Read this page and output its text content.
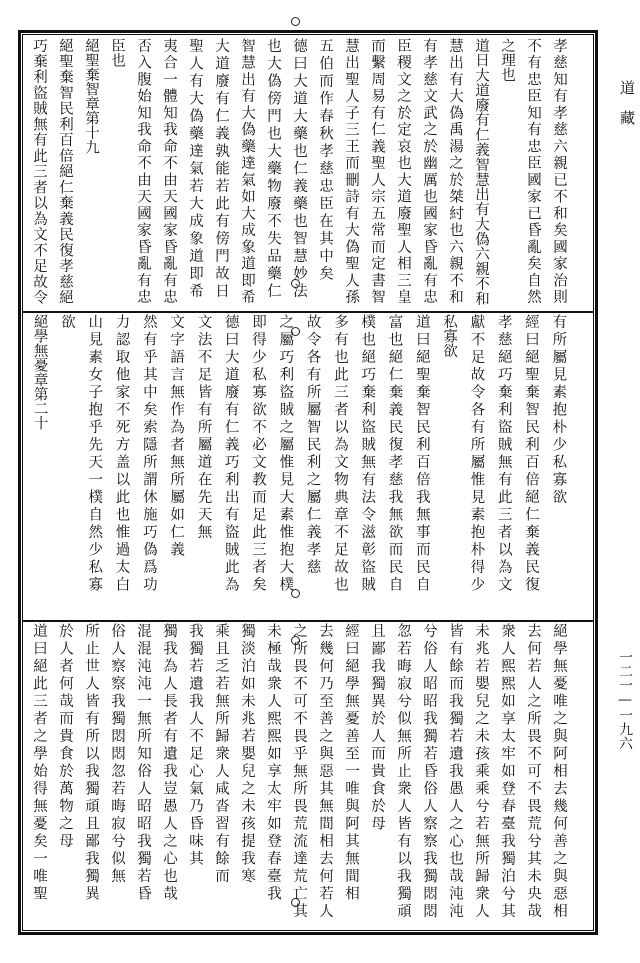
道　藏
一二一—一九六
孝慈知有孝慈六親已不和矣國家治則
不有忠臣知有忠臣國家已昏亂矣自然
之理也
道日大道廢有仁義智慧出有大偽六親不和
慧出有大偽禹湯之於桀紂也六親不和
有孝慈文武之於幽厲也國家昏亂有忠
臣稷文之於定哀也大道廢聖人相三皇
而繫周易有仁義聖人宗五常而定書智
慧出聖人子三王而刪詩有大偽聖人孫
五伯而作春秋孝慈忠臣在其中矣
德曰大道大藥也仁義藥也智慧妙法
也大偽傍門也大藥物廢不失品藥仁
智慧出有大偽藥達氣如大成象道即希
大道廢有仁義孰能若此有傍門故日
聖人有大偽藥達氣若大成象道即希
夷合一體知我命不由天國家昏亂有忠
否入腹始知我命不由天國家昏亂有忠
臣也
絕聖棄智章第十九
絕聖棄智民利百倍絕仁棄義民復孝慈絕
巧棄利盜賊無有此三者以為文不足故令
有所屬見素抱朴少私寡欲
經曰絕聖棄智民利百倍絕仁棄義民復
孝慈絕巧棄利盜賊無有此三者以為文
獻不足故令各有所屬惟見素抱朴得少
私寡欲
道曰絕聖棄智民利百倍我無事而民自
富也絕仁棄義民復孝慈我無欲而民自
樸也絕巧棄利盜賊無有法令滋彰盜賊
多有也此三者以為文物典章不足故也
故令各有所屬智民利之屬仁義孝慈
之屬巧利盜賊之屬惟見大素惟抱大樸
即得少私寡欲不必文教而足此三者矣
德曰大道廢有仁義巧利出有盜賊此為
文法不足皆有所屬道在先天無
文字語言無作為者無所屬如仁義
然有乎其中矣索隱所謂休施巧偽爲功
力認取他家不死方盖以此也惟過太白
山見素女子抱乎先天一樸自然少私寡
欲
絕學無憂章第二十
絕學無憂唯之與阿相去幾何善之與惡相
去何若人之所畏不可不畏荒兮其未央哉
衆人熙熙如享太牢如登春臺我獨泊兮其
未兆若嬰兒之未孩乘乘兮若無所歸衆人
皆有餘而我獨若遺我愚人之心也哉沌沌
兮俗人昭昭我獨若昏俗人察察我獨悶悶
忽若晦寂兮似無所止衆人皆有以我獨頑
且鄙我獨異於人而貴食於母
經曰絕學無憂善至一唯與阿其無間相
去幾何乃至善之與惡其無間相去何若人
之所畏不可不畏乎無所畏荒流達荒亡其
未極哉衆人熙熙如享太牢如登春臺我
獨淡泊如未兆若嬰兒之未孩提我寒
乘且乏若無所歸衆人咸沓習有餘而
我獨若遺我人不足心氣乃昏味其
獨我為人長者有遺我豈愚人之心也哉
混混沌沌一無所知俗人昭昭我獨若昏
俗人察察我獨悶悶忽若晦寂兮似無
所止世人皆有所以我獨頑且鄙我獨異
於人者何哉而貴食於萬物之母
道曰絕此三者之學始得無憂矣一唯聖
